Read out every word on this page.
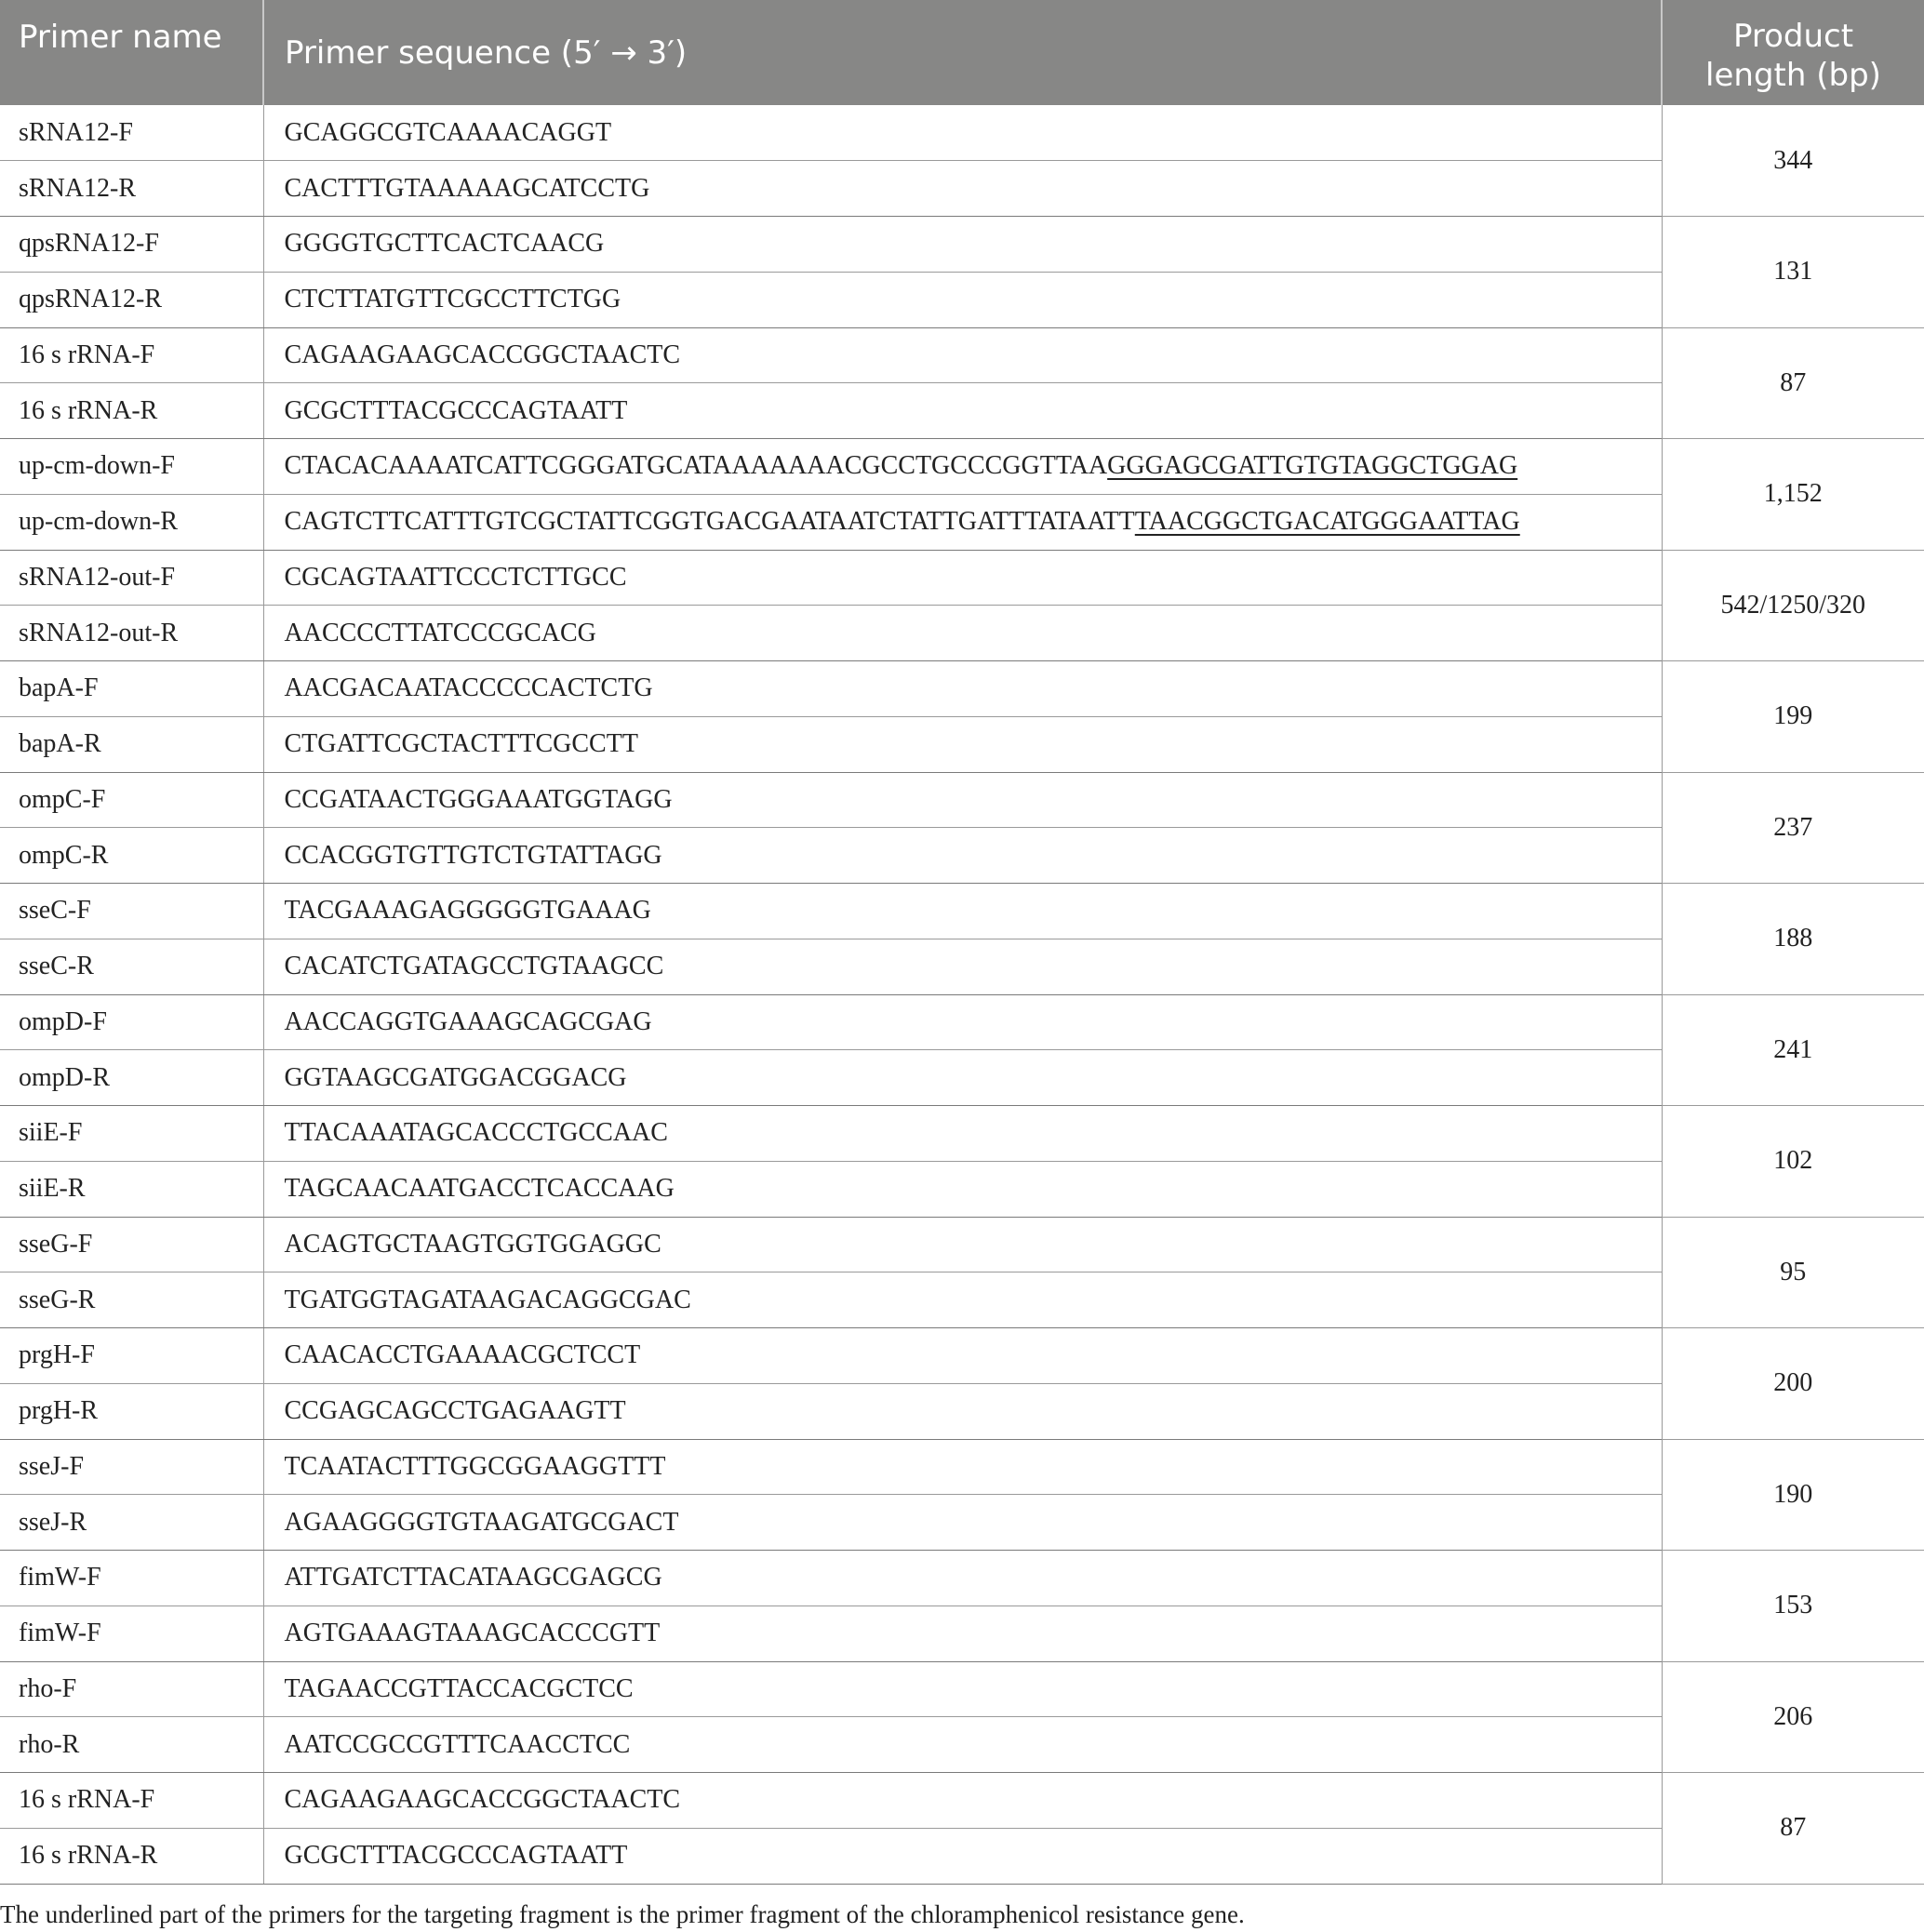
Primer name	Primer sequence (5′ → 3′)	Product
length (bp)
sRNA12-F	GCAGGCGTCAAAACAGGT	344
sRNA12-R	CACTTTGTAAAAAGCATCCTG	
qpsRNA12-F	GGGGTGCTTCACTCAACG	131
qpsRNA12-R	CTCTTATGTTCGCCTTCTGG	
16 s rRNA-F	CAGAAGAAGCACCGGCTAACTC	87
16 s rRNA-R	GCGCTTTACGCCCAGTAATT	
up-cm-down-F	CTACACAAAATCATTCGGGATGCATAAAAAAACGCCTGCCCGGTTAAGGGAGCGATTGTGTAGGCTGGAG	1,152
up-cm-down-R	CAGTCTTCATTTGTCGCTATTCGGTGACGAATAATCTATTGATTTATAATTTAACGGCTGACATGGGAATTAG	
sRNA12-out-F	CGCAGTAATTCCCTCTTGCC	542/1250/320
sRNA12-out-R	AACCCCTTATCCCGCACG	
bapA-F	AACGACAATACCCCCACTCTG	199
bapA-R	CTGATTCGCTACTTTCGCCTT	
ompC-F	CCGATAACTGGGAAATGGTAGG	237
ompC-R	CCACGGTGTTGTCTGTATTAGG	
sseC-F	TACGAAAGAGGGGGTGAAAG	188
sseC-R	CACATCTGATAGCCTGTAAGCC	
ompD-F	AACCAGGTGAAAGCAGCGAG	241
ompD-R	GGTAAGCGATGGACGGACG	
siiE-F	TTACAAATAGCACCCTGCCAAC	102
siiE-R	TAGCAACAATGACCTCACCAAG	
sseG-F	ACAGTGCTAAGTGGTGGAGGC	95
sseG-R	TGATGGTAGATAAGACAGGCGAC	
prgH-F	CAACACCTGAAAACGCTCCT	200
prgH-R	CCGAGCAGCCTGAGAAGTT	
sseJ-F	TCAATACTTTGGCGGAAGGTTT	190
sseJ-R	AGAAGGGGTGTAAGATGCGACT	
fimW-F	ATTGATCTTACATAAGCGAGCG	153
fimW-F	AGTGAAAGTAAAGCACCCGTT	
rho-F	TAGAACCGTTACCACGCTCC	206
rho-R	AATCCGCCGTTTCAACCTCC	
16 s rRNA-F	CAGAAGAAGCACCGGCTAACTC	87
16 s rRNA-R	GCGCTTTACGCCCAGTAATT	
The underlined part of the primers for the targeting fragment is the primer fragment of the chloramphenicol resistance gene.
